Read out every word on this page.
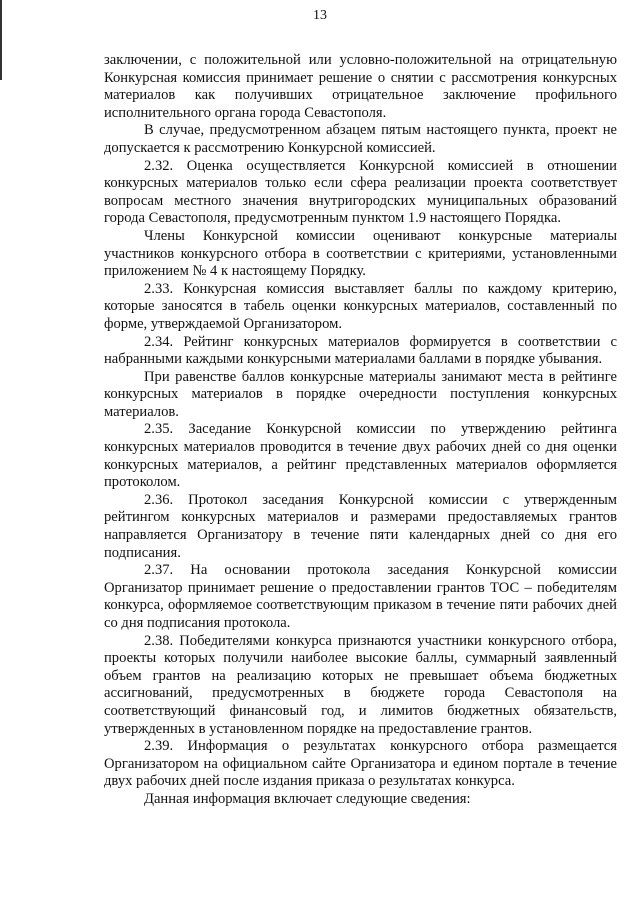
13

заключении, с положительной или условно-положительной на отрицательную Конкурсная комиссия принимает решение о снятии с рассмотрения конкурсных материалов как получивших отрицательное заключение профильного исполнительного органа города Севастополя.

В случае, предусмотренном абзацем пятым настоящего пункта, проект не допускается к рассмотрению Конкурсной комиссией.

2.32. Оценка осуществляется Конкурсной комиссией в отношении конкурсных материалов только если сфера реализации проекта соответствует вопросам местного значения внутригородских муниципальных образований города Севастополя, предусмотренным пунктом 1.9 настоящего Порядка.

Члены Конкурсной комиссии оценивают конкурсные материалы участников конкурсного отбора в соответствии с критериями, установленными приложением № 4 к настоящему Порядку.

2.33. Конкурсная комиссия выставляет баллы по каждому критерию, которые заносятся в табель оценки конкурсных материалов, составленный по форме, утверждаемой Организатором.

2.34. Рейтинг конкурсных материалов формируется в соответствии с набранными каждыми конкурсными материалами баллами в порядке убывания.

При равенстве баллов конкурсные материалы занимают места в рейтинге конкурсных материалов в порядке очередности поступления конкурсных материалов.

2.35. Заседание Конкурсной комиссии по утверждению рейтинга конкурсных материалов проводится в течение двух рабочих дней со дня оценки конкурсных материалов, а рейтинг представленных материалов оформляется протоколом.

2.36. Протокол заседания Конкурсной комиссии с утвержденным рейтингом конкурсных материалов и размерами предоставляемых грантов направляется Организатору в течение пяти календарных дней со дня его подписания.

2.37. На основании протокола заседания Конкурсной комиссии Организатор принимает решение о предоставлении грантов ТОС – победителям конкурса, оформляемое соответствующим приказом в течение пяти рабочих дней со дня подписания протокола.

2.38. Победителями конкурса признаются участники конкурсного отбора, проекты которых получили наиболее высокие баллы, суммарный заявленный объем грантов на реализацию которых не превышает объема бюджетных ассигнований, предусмотренных в бюджете города Севастополя на соответствующий финансовый год, и лимитов бюджетных обязательств, утвержденных в установленном порядке на предоставление грантов.

2.39. Информация о результатах конкурсного отбора размещается Организатором на официальном сайте Организатора и едином портале в течение двух рабочих дней после издания приказа о результатах конкурса.

Данная информация включает следующие сведения:
